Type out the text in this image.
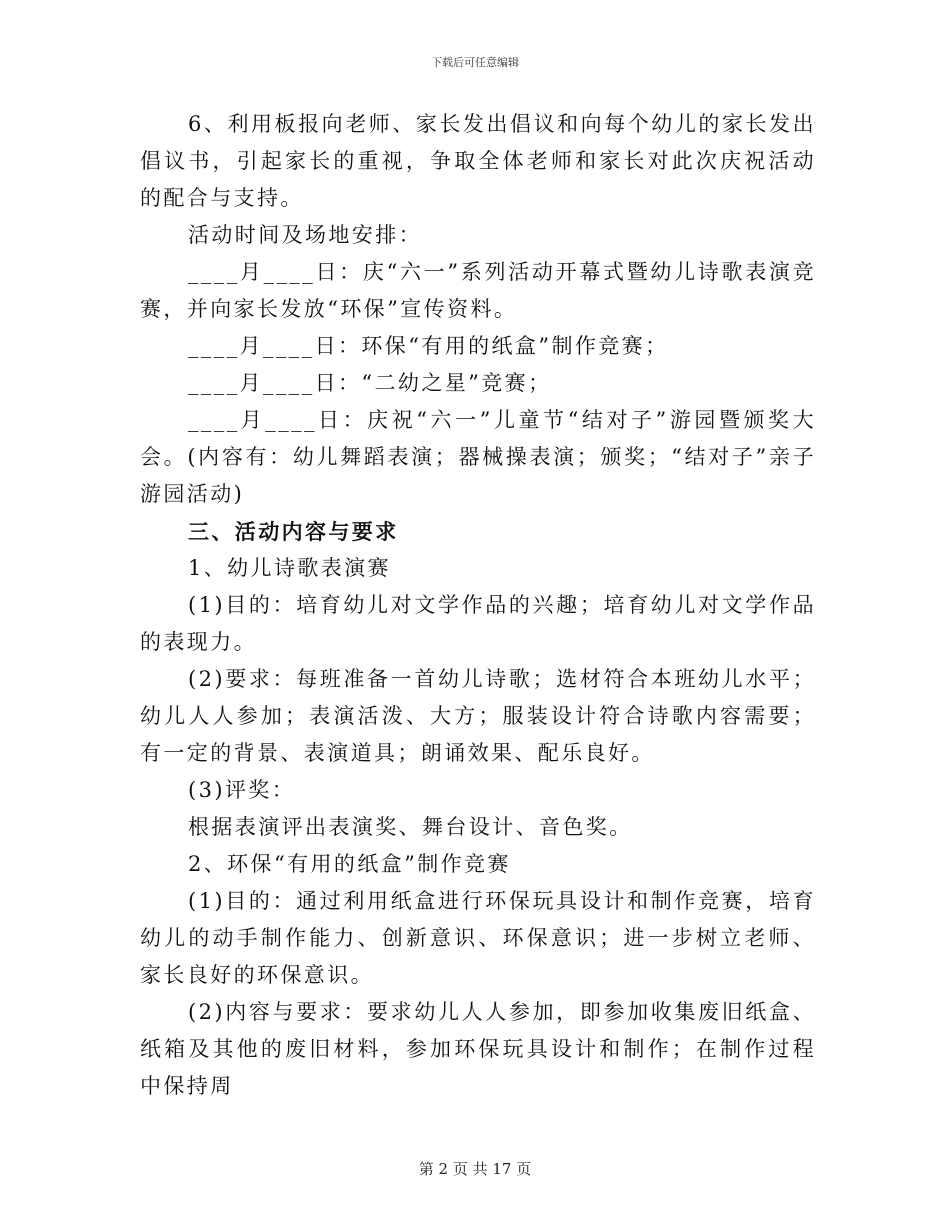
下载后可任意编辑

6、利用板报向老师、家长发出倡议和向每个幼儿的家长发出倡议书，引起家长的重视，争取全体老师和家长对此次庆祝活动的配合与支持。

活动时间及场地安排：

____月____日：庆“六一”系列活动开幕式暨幼儿诗歌表演竞赛，并向家长发放“环保”宣传资料。

____月____日：环保“有用的纸盒”制作竞赛；

____月____日：“二幼之星”竞赛；

____月____日：庆祝“六一”儿童节“结对子”游园暨颁奖大会。(内容有：幼儿舞蹈表演；器械操表演；颁奖；“结对子”亲子游园活动)

三、活动内容与要求

1、幼儿诗歌表演赛

(1)目的：培育幼儿对文学作品的兴趣；培育幼儿对文学作品的表现力。

(2)要求：每班准备一首幼儿诗歌；选材符合本班幼儿水平；幼儿人人参加；表演活泼、大方；服装设计符合诗歌内容需要；有一定的背景、表演道具；朗诵效果、配乐良好。

(3)评奖：

根据表演评出表演奖、舞台设计、音色奖。

2、环保“有用的纸盒”制作竞赛

(1)目的：通过利用纸盒进行环保玩具设计和制作竞赛，培育幼儿的动手制作能力、创新意识、环保意识；进一步树立老师、家长良好的环保意识。

(2)内容与要求：要求幼儿人人参加，即参加收集废旧纸盒、纸箱及其他的废旧材料，参加环保玩具设计和制作；在制作过程中保持周

第 2 页 共 17 页
